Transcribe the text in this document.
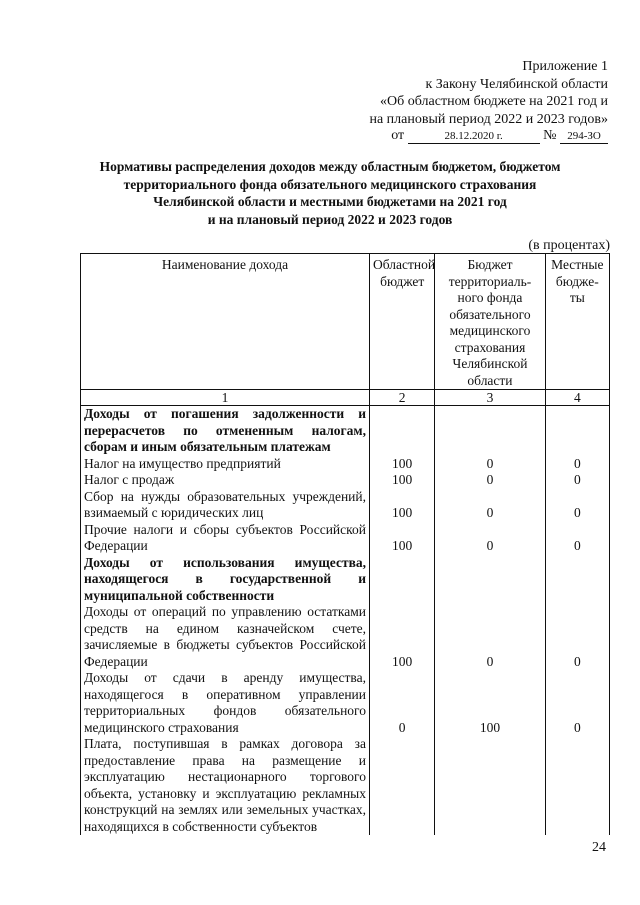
Приложение 1
к Закону Челябинской области
«Об областном бюджете на 2021 год и
на плановый период 2022 и 2023 годов»
от	28.12.2020 г.	№ 294-ЗО
Нормативы распределения доходов между областным бюджетом, бюджетом
территориального фонда обязательного медицинского страхования
Челябинской области и местными бюджетами на 2021 год
и на плановый период 2022 и 2023 годов
(в процентах)
Наименование дохода	Областной бюджет	Бюджет территориаль-ного фонда обязательного медицинского страхования Челябинской области	Местные бюдже-ты
1	2	3	4
Доходы от погашения задолженности и перерасчетов по отмененным налогам, сборам и иным обязательным платежам			
Налог на имущество предприятий	100	0	0
Налог с продаж	100	0	0
Сбор на нужды образовательных учреждений, взимаемый с юридических лиц	100	0	0
Прочие налоги и сборы субъектов Российской Федерации	100	0	0
Доходы от использования имущества, находящегося в государственной и муниципальной собственности			
Доходы от операций по управлению остатками средств на едином казначейском счете, зачисляемые в бюджеты субъектов Российской Федерации	100	0	0
Доходы от сдачи в аренду имущества, находящегося в оперативном управлении территориальных фондов обязательного медицинского страхования	0	100	0
Плата, поступившая в рамках договора за предоставление права на размещение и эксплуатацию нестационарного торгового объекта, установку и эксплуатацию рекламных конструкций на землях или земельных участках, находящихся в собственности субъектов			
24
